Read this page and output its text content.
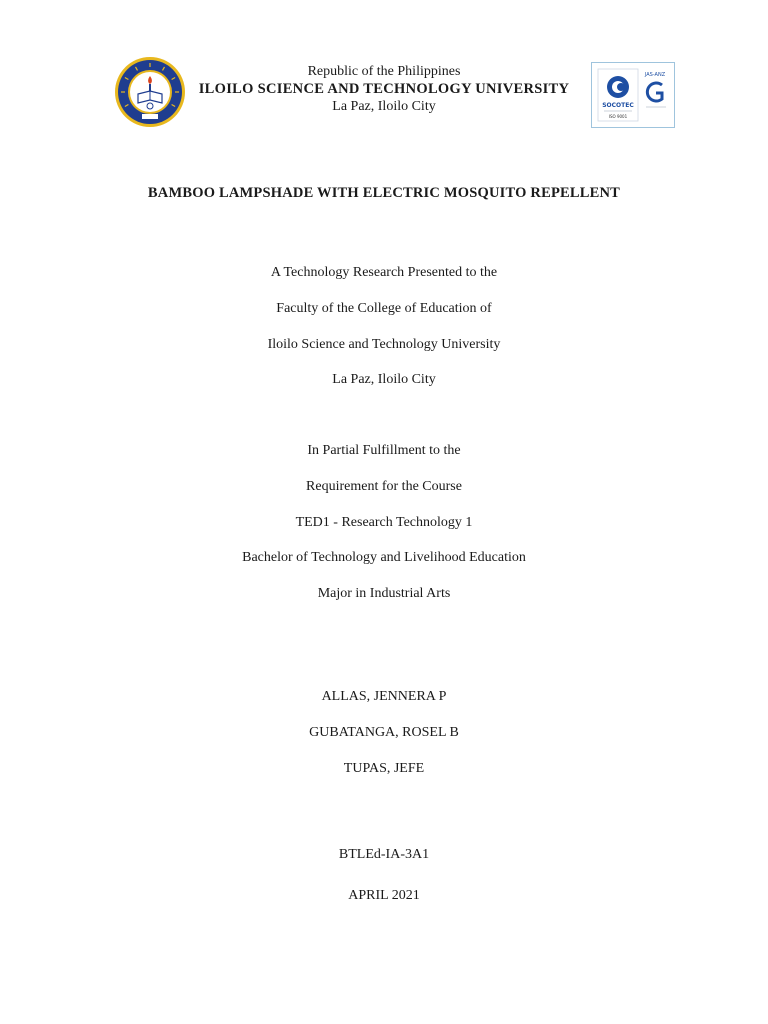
Republic of the Philippines
ILOILO SCIENCE AND TECHNOLOGY UNIVERSITY
La Paz, Iloilo City	SOCOTEC
ISO 9001
JAS-ANZ
BAMBOO LAMPSHADE WITH ELECTRIC MOSQUITO REPELLENT
A Technology Research Presented to the
Faculty of the College of Education of
Iloilo Science and Technology University
La Paz, Iloilo City
In Partial Fulfillment to the
Requirement for the Course
TED1 - Research Technology 1
Bachelor of Technology and Livelihood Education
Major in Industrial Arts
ALLAS, JENNERA P
GUBATANGA, ROSEL B
TUPAS, JEFE
BTLEd-IA-3A1
APRIL 2021
